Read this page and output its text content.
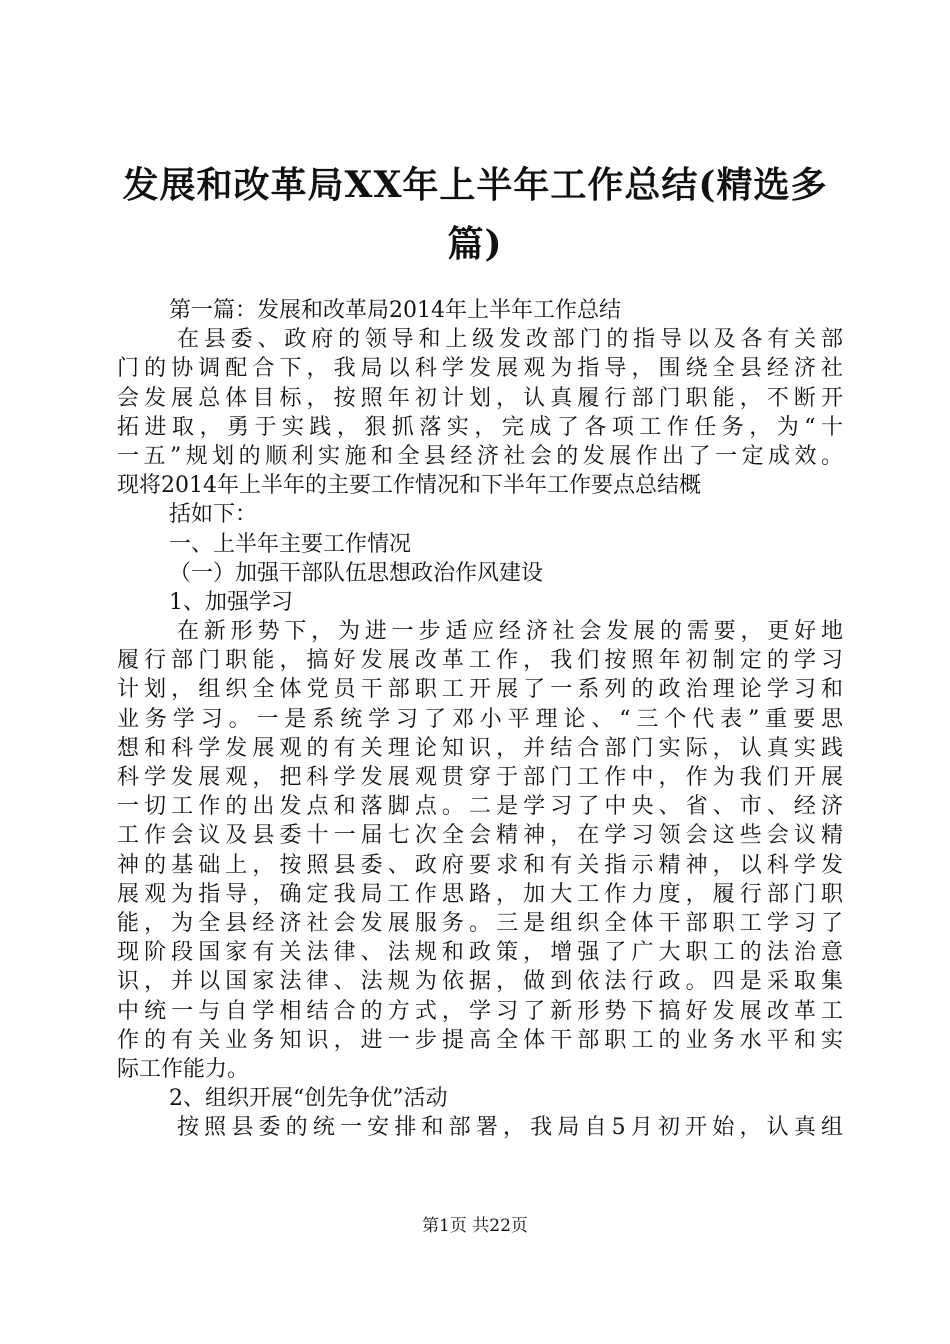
发展和改革局XX年上半年工作总结(精选多
篇)
第一篇：发展和改革局2014年上半年工作总结
在县委、政府的领导和上级发改部门的指导以及各有关部
门的协调配合下，我局以科学发展观为指导，围绕全县经济社
会发展总体目标，按照年初计划，认真履行部门职能，不断开
拓进取，勇于实践，狠抓落实，完成了各项工作任务，为“十
一五”规划的顺利实施和全县经济社会的发展作出了一定成效。
现将2014年上半年的主要工作情况和下半年工作要点总结概
括如下：
一、上半年主要工作情况
（一）加强干部队伍思想政治作风建设
1、加强学习
在新形势下，为进一步适应经济社会发展的需要，更好地
履行部门职能，搞好发展改革工作，我们按照年初制定的学习
计划，组织全体党员干部职工开展了一系列的政治理论学习和
业务学习。一是系统学习了邓小平理论、“三个代表”重要思
想和科学发展观的有关理论知识，并结合部门实际，认真实践
科学发展观，把科学发展观贯穿于部门工作中，作为我们开展
一切工作的出发点和落脚点。二是学习了中央、省、市、经济
工作会议及县委十一届七次全会精神，在学习领会这些会议精
神的基础上，按照县委、政府要求和有关指示精神，以科学发
展观为指导，确定我局工作思路，加大工作力度，履行部门职
能，为全县经济社会发展服务。三是组织全体干部职工学习了
现阶段国家有关法律、法规和政策，增强了广大职工的法治意
识，并以国家法律、法规为依据，做到依法行政。四是采取集
中统一与自学相结合的方式，学习了新形势下搞好发展改革工
作的有关业务知识，进一步提高全体干部职工的业务水平和实
际工作能力。
2、组织开展“创先争优”活动
按照县委的统一安排和部署，我局自5月初开始，认真组
第1页 共22页
